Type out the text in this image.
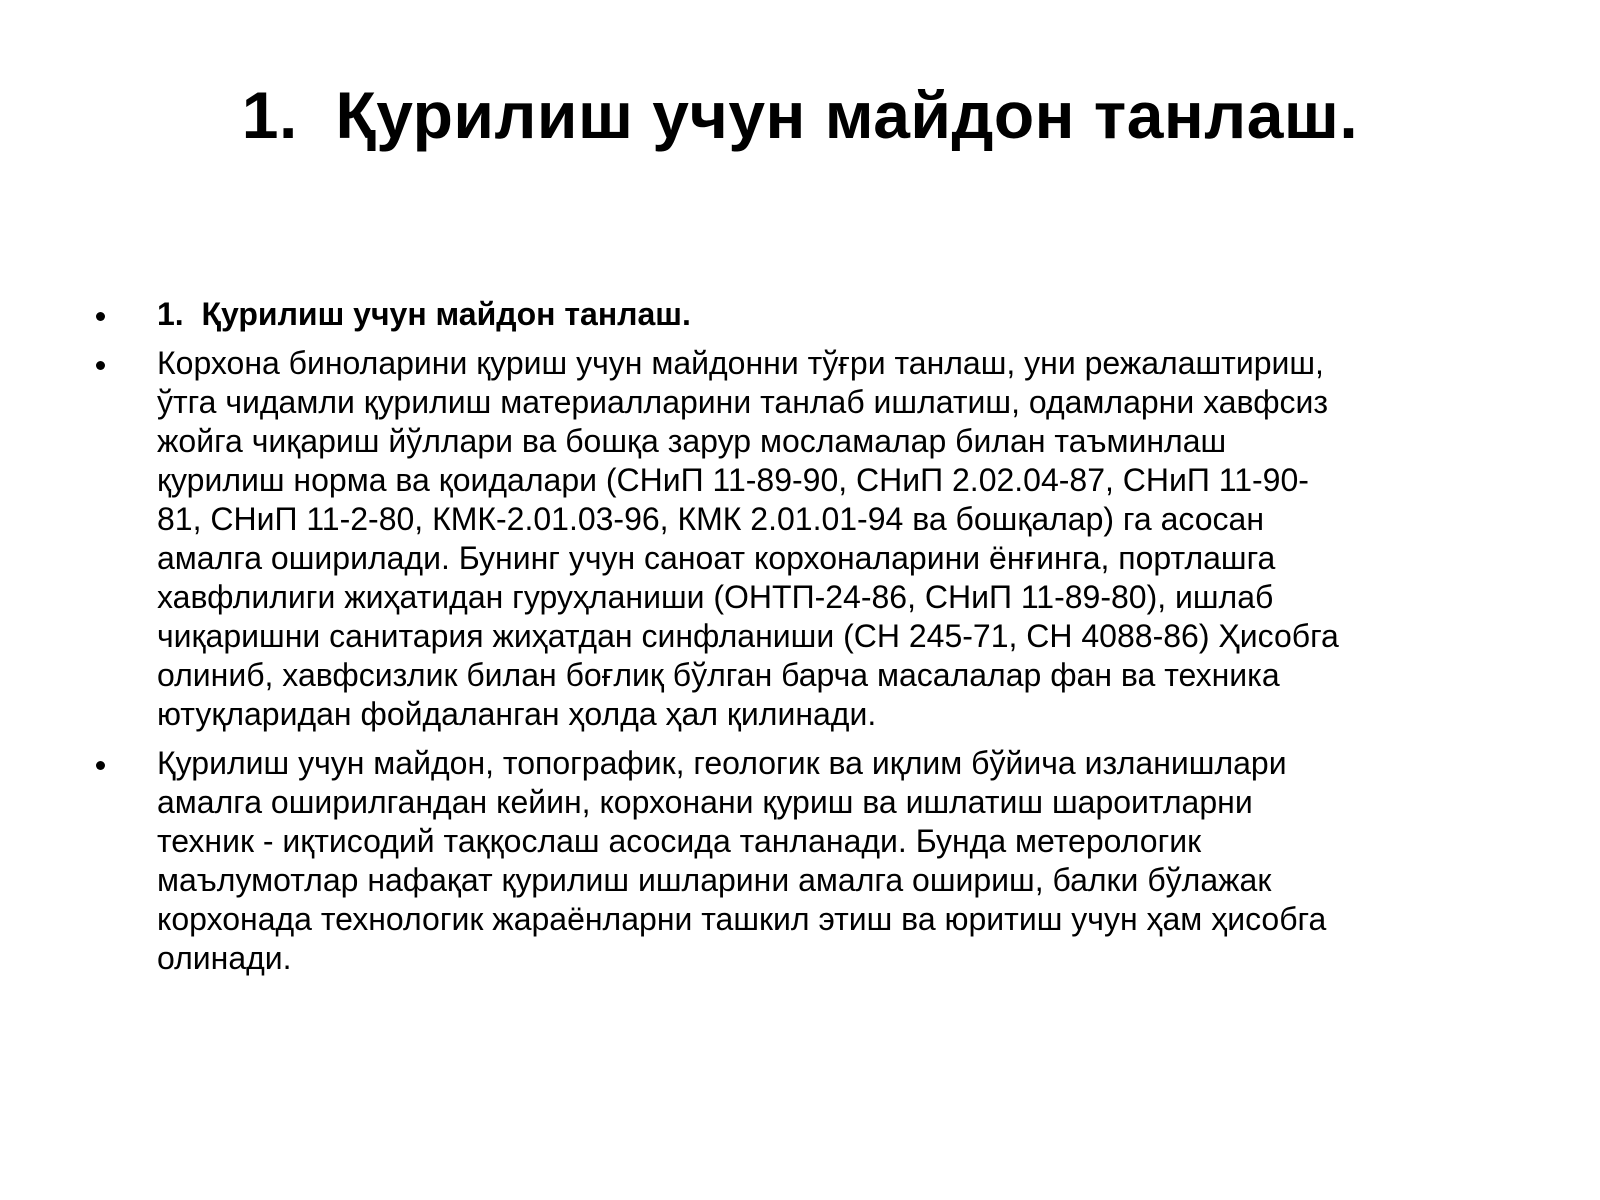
1.  Қурилиш учун майдон танлаш.
1.  Қурилиш учун майдон танлаш.
Корхона биноларини қуриш учун майдонни тўғри танлаш, уни режалаштириш,
ўтга чидамли қурилиш материалларини танлаб ишлатиш, одамларни хавфсиз
жойга чиқариш йўллари ва бошқа зарур мосламалар билан таъминлаш
қурилиш норма ва қоидалари (СНиП 11-89-90, СНиП 2.02.04-87, СНиП 11-90-
81, СНиП 11-2-80, КМК-2.01.03-96, КМК 2.01.01-94 ва бошқалар) га асосан
амалга оширилади. Бунинг учун саноат корхоналарини ёнғинга, портлашга
хавфлилиги жиҳатидан гуруҳланиши (ОНТП-24-86, СНиП 11-89-80), ишлаб
чиқаришни санитария жиҳатдан синфланиши (СН 245-71, СН 4088-86) Ҳисобга
олиниб, хавфсизлик билан боғлиқ бўлган барча масалалар фан ва техника
ютуқларидан фойдаланган ҳолда ҳал қилинади.
Қурилиш учун майдон, топографик, геологик ва иқлим бўйича изланишлари
амалга оширилгандан кейин, корхонани қуриш ва ишлатиш шароитларни
техник - иқтисодий таққослаш асосида танланади. Бунда метерологик
маълумотлар нафақат қурилиш ишларини амалга ошириш, балки бўлажак
корхонада технологик жараёнларни ташкил этиш ва юритиш учун ҳам ҳисобга
олинади.
